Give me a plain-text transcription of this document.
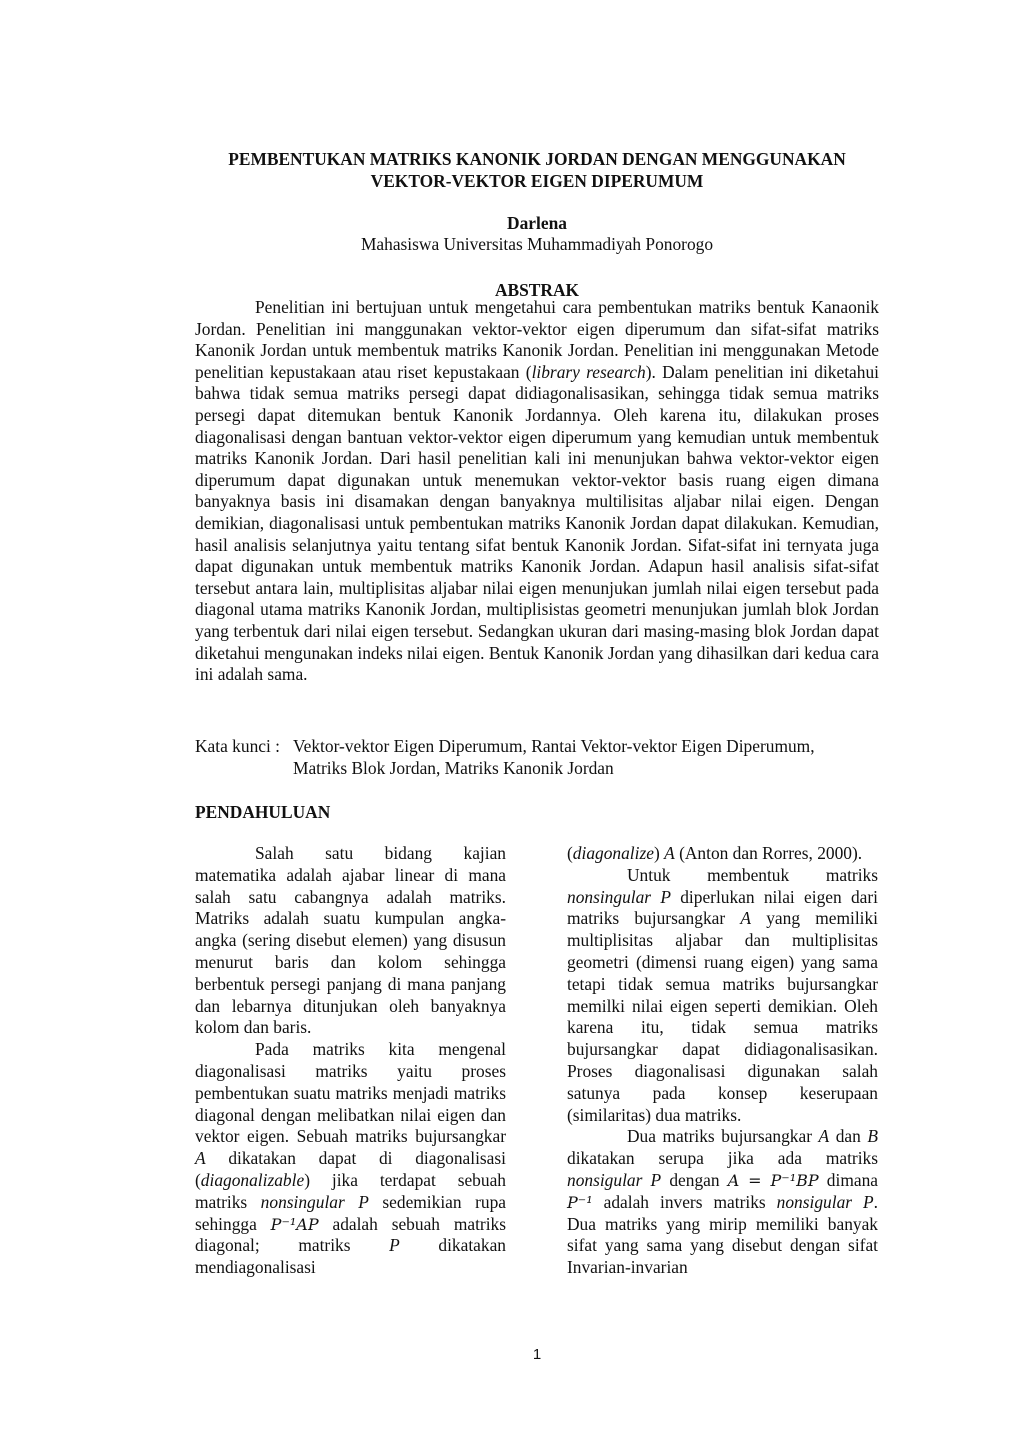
PEMBENTUKAN MATRIKS KANONIK JORDAN DENGAN MENGGUNAKAN
VEKTOR-VEKTOR EIGEN DIPERUMUM
Darlena
Mahasiswa Universitas Muhammadiyah Ponorogo
ABSTRAK

Penelitian ini bertujuan untuk mengetahui cara pembentukan matriks bentuk Kanaonik Jordan. Penelitian ini manggunakan vektor-vektor eigen diperumum dan sifat-sifat matriks Kanonik Jordan untuk membentuk matriks Kanonik Jordan. Penelitian ini menggunakan Metode penelitian kepustakaan atau riset kepustakaan (library research). Dalam penelitian ini diketahui bahwa tidak semua matriks persegi dapat didiagonalisasikan, sehingga tidak semua matriks persegi dapat ditemukan bentuk Kanonik Jordannya. Oleh karena itu, dilakukan proses diagonalisasi dengan bantuan vektor-vektor eigen diperumum yang kemudian untuk membentuk matriks Kanonik Jordan. Dari hasil penelitian kali ini menunjukan bahwa vektor-vektor eigen diperumum dapat digunakan untuk menemukan vektor-vektor basis ruang eigen dimana banyaknya basis ini disamakan dengan banyaknya multilisitas aljabar nilai eigen. Dengan demikian, diagonalisasi untuk pembentukan matriks Kanonik Jordan dapat dilakukan. Kemudian, hasil analisis selanjutnya yaitu tentang sifat bentuk Kanonik Jordan. Sifat-sifat ini ternyata juga dapat digunakan untuk membentuk matriks Kanonik Jordan. Adapun hasil analisis sifat-sifat tersebut antara lain, multiplisitas aljabar nilai eigen menunjukan jumlah nilai eigen tersebut pada diagonal utama matriks Kanonik Jordan, multiplisistas geometri menunjukan jumlah blok Jordan yang terbentuk dari nilai eigen tersebut. Sedangkan ukuran dari masing-masing blok Jordan dapat diketahui mengunakan indeks nilai eigen. Bentuk Kanonik Jordan yang dihasilkan dari kedua cara ini adalah sama.

Kata kunci : Vektor-vektor Eigen Diperumum, Rantai Vektor-vektor Eigen Diperumum,
Matriks Blok Jordan, Matriks Kanonik Jordan
PENDAHULUAN

Salah satu bidang kajian matematika adalah ajabar linear di mana salah satu cabangnya adalah matriks. Matriks adalah suatu kumpulan angka-angka (sering disebut elemen) yang disusun menurut baris dan kolom sehingga berbentuk persegi panjang di mana panjang dan lebarnya ditunjukan oleh banyaknya kolom dan baris.

Pada matriks kita mengenal diagonalisasi matriks yaitu proses pembentukan suatu matriks menjadi matriks diagonal dengan melibatkan nilai eigen dan vektor eigen. Sebuah matriks bujursangkar A dikatakan dapat di diagonalisasi (diagonalizable) jika terdapat sebuah matriks nonsingular P sedemikian rupa sehingga P⁻¹AP adalah sebuah matriks diagonal; matriks P dikatakan mendiagonalisasi

(diagonalize) A (Anton dan Rorres, 2000).

Untuk membentuk matriks nonsingular P diperlukan nilai eigen dari matriks bujursangkar A yang memiliki multiplisitas aljabar dan multiplisitas geometri (dimensi ruang eigen) yang sama tetapi tidak semua matriks bujursangkar memilki nilai eigen seperti demikian. Oleh karena itu, tidak semua matriks bujursangkar dapat didiagonalisasikan. Proses diagonalisasi digunakan salah satunya pada konsep keserupaan (similaritas) dua matriks.

Dua matriks bujursangkar A dan B dikatakan serupa jika ada matriks nonsigular P dengan A = P⁻¹BP dimana P⁻¹ adalah invers matriks nonsigular P. Dua matriks yang mirip memiliki banyak sifat yang sama yang disebut dengan sifat Invarian-invarian

1
